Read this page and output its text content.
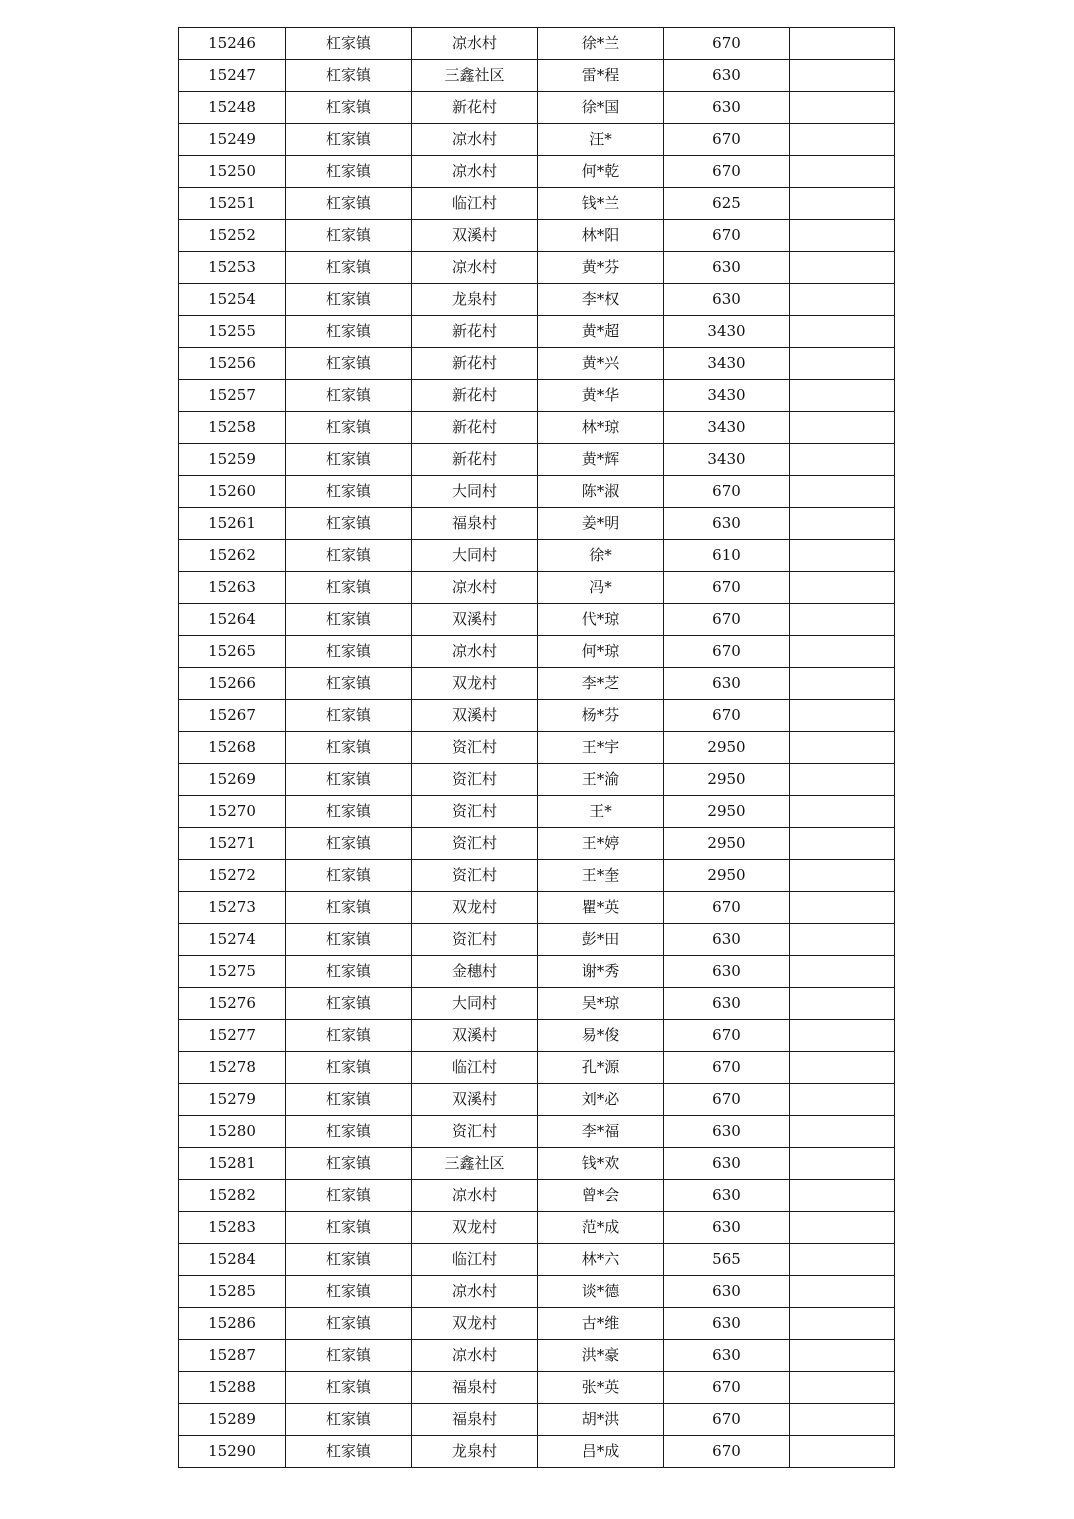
15246	杠家镇	凉水村	徐*兰	670	
15247	杠家镇	三鑫社区	雷*程	630	
15248	杠家镇	新花村	徐*国	630	
15249	杠家镇	凉水村	汪*	670	
15250	杠家镇	凉水村	何*乾	670	
15251	杠家镇	临江村	钱*兰	625	
15252	杠家镇	双溪村	林*阳	670	
15253	杠家镇	凉水村	黄*芬	630	
15254	杠家镇	龙泉村	李*权	630	
15255	杠家镇	新花村	黄*超	3430	
15256	杠家镇	新花村	黄*兴	3430	
15257	杠家镇	新花村	黄*华	3430	
15258	杠家镇	新花村	林*琼	3430	
15259	杠家镇	新花村	黄*辉	3430	
15260	杠家镇	大同村	陈*淑	670	
15261	杠家镇	福泉村	姜*明	630	
15262	杠家镇	大同村	徐*	610	
15263	杠家镇	凉水村	冯*	670	
15264	杠家镇	双溪村	代*琼	670	
15265	杠家镇	凉水村	何*琼	670	
15266	杠家镇	双龙村	李*芝	630	
15267	杠家镇	双溪村	杨*芬	670	
15268	杠家镇	资汇村	王*宇	2950	
15269	杠家镇	资汇村	王*渝	2950	
15270	杠家镇	资汇村	王*	2950	
15271	杠家镇	资汇村	王*婷	2950	
15272	杠家镇	资汇村	王*奎	2950	
15273	杠家镇	双龙村	瞿*英	670	
15274	杠家镇	资汇村	彭*田	630	
15275	杠家镇	金穗村	谢*秀	630	
15276	杠家镇	大同村	吴*琼	630	
15277	杠家镇	双溪村	易*俊	670	
15278	杠家镇	临江村	孔*源	670	
15279	杠家镇	双溪村	刘*必	670	
15280	杠家镇	资汇村	李*福	630	
15281	杠家镇	三鑫社区	钱*欢	630	
15282	杠家镇	凉水村	曾*会	630	
15283	杠家镇	双龙村	范*成	630	
15284	杠家镇	临江村	林*六	565	
15285	杠家镇	凉水村	谈*德	630	
15286	杠家镇	双龙村	古*维	630	
15287	杠家镇	凉水村	洪*豪	630	
15288	杠家镇	福泉村	张*英	670	
15289	杠家镇	福泉村	胡*洪	670	
15290	杠家镇	龙泉村	吕*成	670	
